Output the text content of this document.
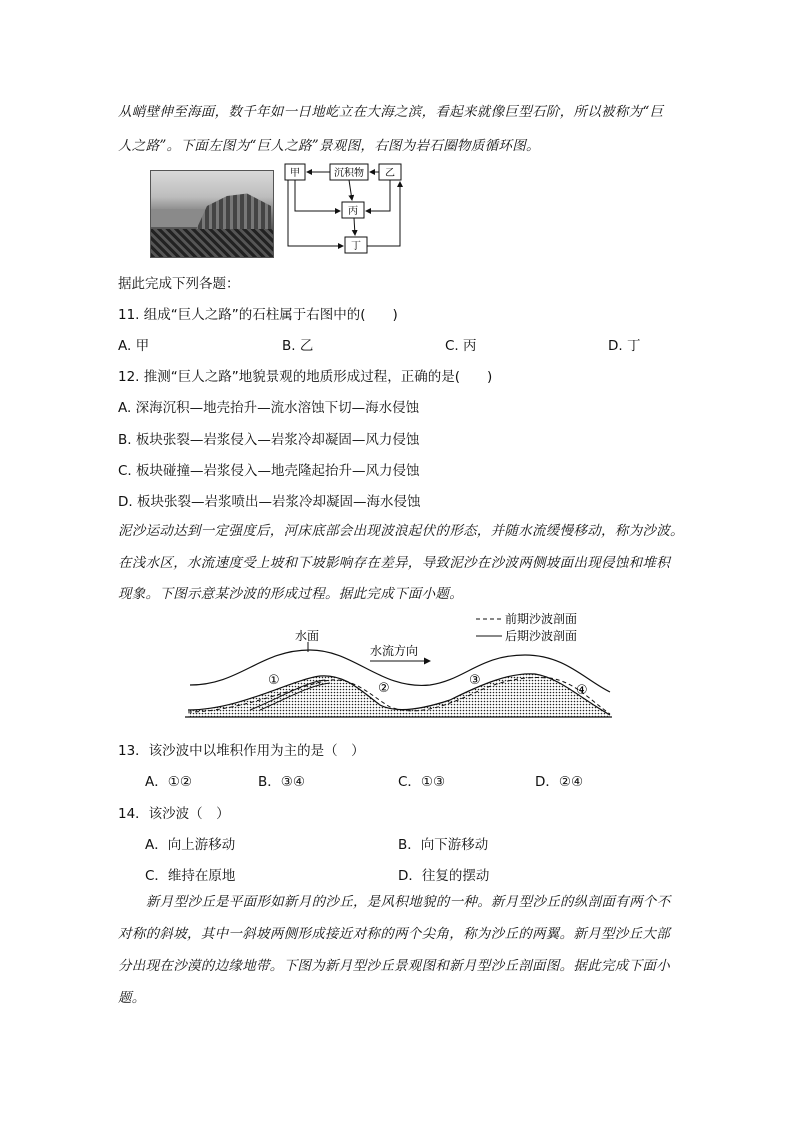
从峭壁伸至海面，数千年如一日地屹立在大海之滨，看起来就像巨型石阶，所以被称为“巨
人之路”。下面左图为“巨人之路”景观图，右图为岩石圈物质循环图。
甲	沉积物 乙
丙
丁
据此完成下列各题：
11. 组成“巨人之路”的石柱属于右图中的(　　)
A. 甲	B. 乙	C. 丙	D. 丁
12. 推测“巨人之路”地貌景观的地质形成过程，正确的是(　　)
A. 深海沉积—地壳抬升—流水溶蚀下切—海水侵蚀
B. 板块张裂—岩浆侵入—岩浆冷却凝固—风力侵蚀
C. 板块碰撞—岩浆侵入—地壳隆起抬升—风力侵蚀
D. 板块张裂—岩浆喷出—岩浆冷却凝固—海水侵蚀
泥沙运动达到一定强度后，河床底部会出现波浪起伏的形态，并随水流缓慢移动，称为沙波。
在浅水区，水流速度受上坡和下坡影响存在差异，导致泥沙在沙波两侧坡面出现侵蚀和堆积
现象。下图示意某沙波的形成过程。据此完成下面小题。
前期沙波剖面
后期沙波剖面
水面
水流方向
①
②
③
④
13．该沙波中以堆积作用为主的是（　）
A．①②	B．③④	C．①③	D．②④
14．该沙波（　）
A．向上游移动	B．向下游移动
C．维持在原地	D．往复的摆动
新月型沙丘是平面形如新月的沙丘，是风积地貌的一种。新月型沙丘的纵剖面有两个不
对称的斜坡，其中一斜坡两侧形成接近对称的两个尖角，称为沙丘的两翼。新月型沙丘大部
分出现在沙漠的边缘地带。下图为新月型沙丘景观图和新月型沙丘剖面图。据此完成下面小
题。
